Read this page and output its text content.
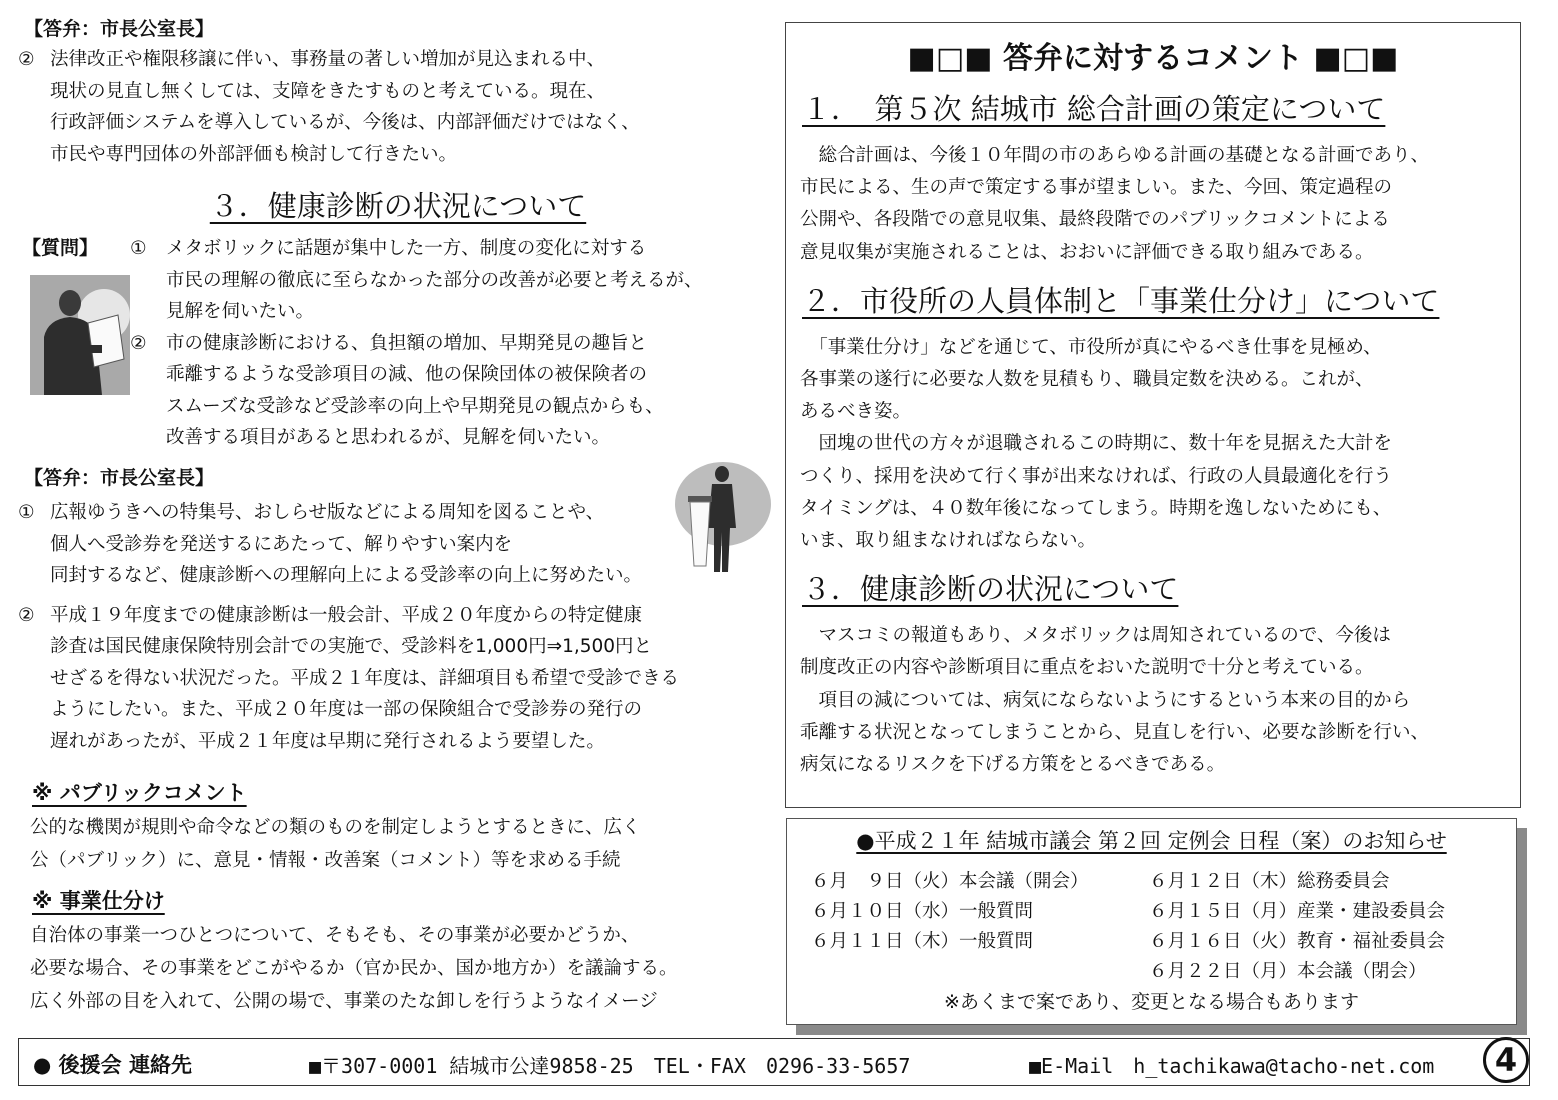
【答弁：市長公室長】
② 法律改正や権限移譲に伴い、事務量の著しい増加が見込まれる中、
現状の見直し無くしては、支障をきたすものと考えている。現在、
行政評価システムを導入しているが、今後は、内部評価だけではなく、
市民や専門団体の外部評価も検討して行きたい。
３．健康診断の状況について
【質問】 ①	メタボリックに話題が集中した一方、制度の変化に対する
市民の理解の徹底に至らなかった部分の改善が必要と考えるが、
見解を伺いたい。
②	市の健康診断における、負担額の増加、早期発見の趣旨と
乖離するような受診項目の減、他の保険団体の被保険者の
スムーズな受診など受診率の向上や早期発見の観点からも、
改善する項目があると思われるが、見解を伺いたい。
【答弁：市長公室長】
① 広報ゆうきへの特集号、おしらせ版などによる周知を図ることや、
個人へ受診券を発送するにあたって、解りやすい案内を
同封するなど、健康診断への理解向上による受診率の向上に努めたい。
② 平成１９年度までの健康診断は一般会計、平成２０年度からの特定健康
診査は国民健康保険特別会計での実施で、受診料を1,000円⇒1,500円と
せざるを得ない状況だった。平成２１年度は、詳細項目も希望で受診できる
ようにしたい。また、平成２０年度は一部の保険組合で受診券の発行の
遅れがあったが、平成２１年度は早期に発行されるよう要望した。
※ パブリックコメント
公的な機関が規則や命令などの類のものを制定しようとするときに、広く
公（パブリック）に、意見・情報・改善案（コメント）等を求める手続
※ 事業仕分け
自治体の事業一つひとつについて、そもそも、その事業が必要かどうか、
必要な場合、その事業をどこがやるか（官か民か、国か地方か）を議論する。
広く外部の目を入れて、公開の場で、事業のたな卸しを行うようなイメージ
■□■ 答弁に対するコメント ■□■
１．　第５次 結城市 総合計画の策定について
　総合計画は、今後１０年間の市のあらゆる計画の基礎となる計画であり、
市民による、生の声で策定する事が望ましい。また、今回、策定過程の
公開や、各段階での意見収集、最終段階でのパブリックコメントによる
意見収集が実施されることは、おおいに評価できる取り組みである。
２．市役所の人員体制と「事業仕分け」について
　「事業仕分け」などを通じて、市役所が真にやるべき仕事を見極め、
各事業の遂行に必要な人数を見積もり、職員定数を決める。これが、
あるべき姿。
　団塊の世代の方々が退職されるこの時期に、数十年を見据えた大計を
つくり、採用を決めて行く事が出来なければ、行政の人員最適化を行う
タイミングは、４０数年後になってしまう。時期を逸しないためにも、
いま、取り組まなければならない。
３．健康診断の状況について
　マスコミの報道もあり、メタボリックは周知されているので、今後は
制度改正の内容や診断項目に重点をおいた説明で十分と考えている。
　項目の減については、病気にならないようにするという本来の目的から
乖離する状況となってしまうことから、見直しを行い、必要な診断を行い、
病気になるリスクを下げる方策をとるべきである。
●平成２１年 結城市議会 第２回 定例会 日程（案）のお知らせ
６月　９日（火）本会議（開会）
６月１０日（水）一般質問
６月１１日（木）一般質問
６月１２日（木）総務委員会
６月１５日（月）産業・建設委員会
６月１６日（火）教育・福祉委員会
６月２２日（月）本会議（閉会）
※あくまで案であり、変更となる場合もあります
● 後援会 連絡先	■〒307-0001 結城市公達9858-25　TEL・FAX　0296-33-5657	■E-Mail　h_tachikawa@tacho-net.com	4
